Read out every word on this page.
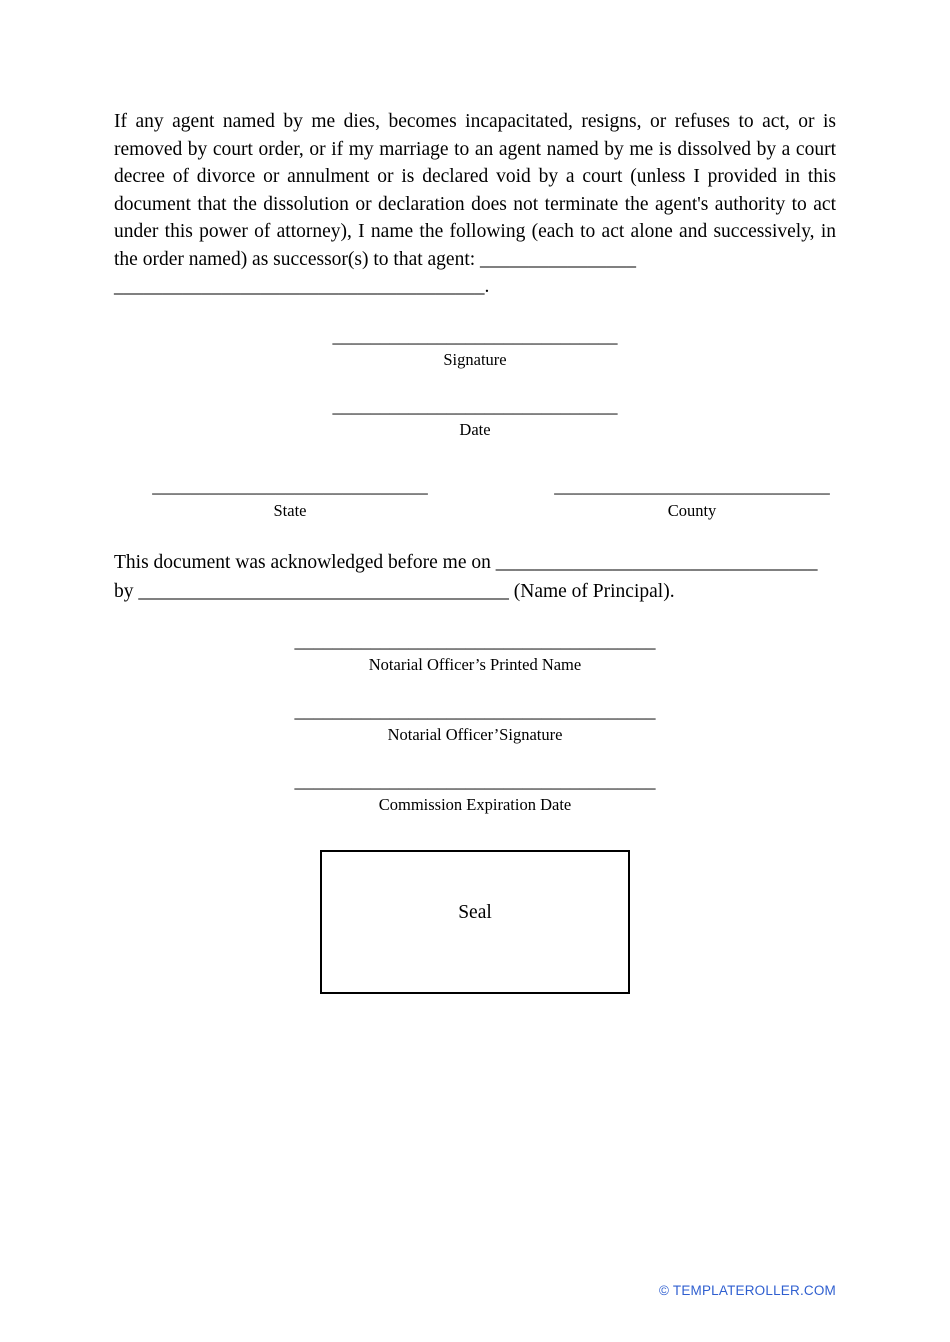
If any agent named by me dies, becomes incapacitated, resigns, or refuses to act, or is removed by court order, or if my marriage to an agent named by me is dissolved by a court decree of divorce or annulment or is declared void by a court (unless I provided in this document that the dissolution or declaration does not terminate the agent's authority to act under this power of attorney), I name the following (each to act alone and successively, in the order named) as successor(s) to that agent: ________________

______________________________________.

______________________________
Signature
______________________________
Date
_____________________________
State
_____________________________
County
This document was acknowledged before me on _________________________________
by ______________________________________ (Name of Principal).
______________________________________
Notarial Officer’s Printed Name
______________________________________
Notarial Officer’Signature
______________________________________
Commission Expiration Date
Seal
© TEMPLATEROLLER.COM
